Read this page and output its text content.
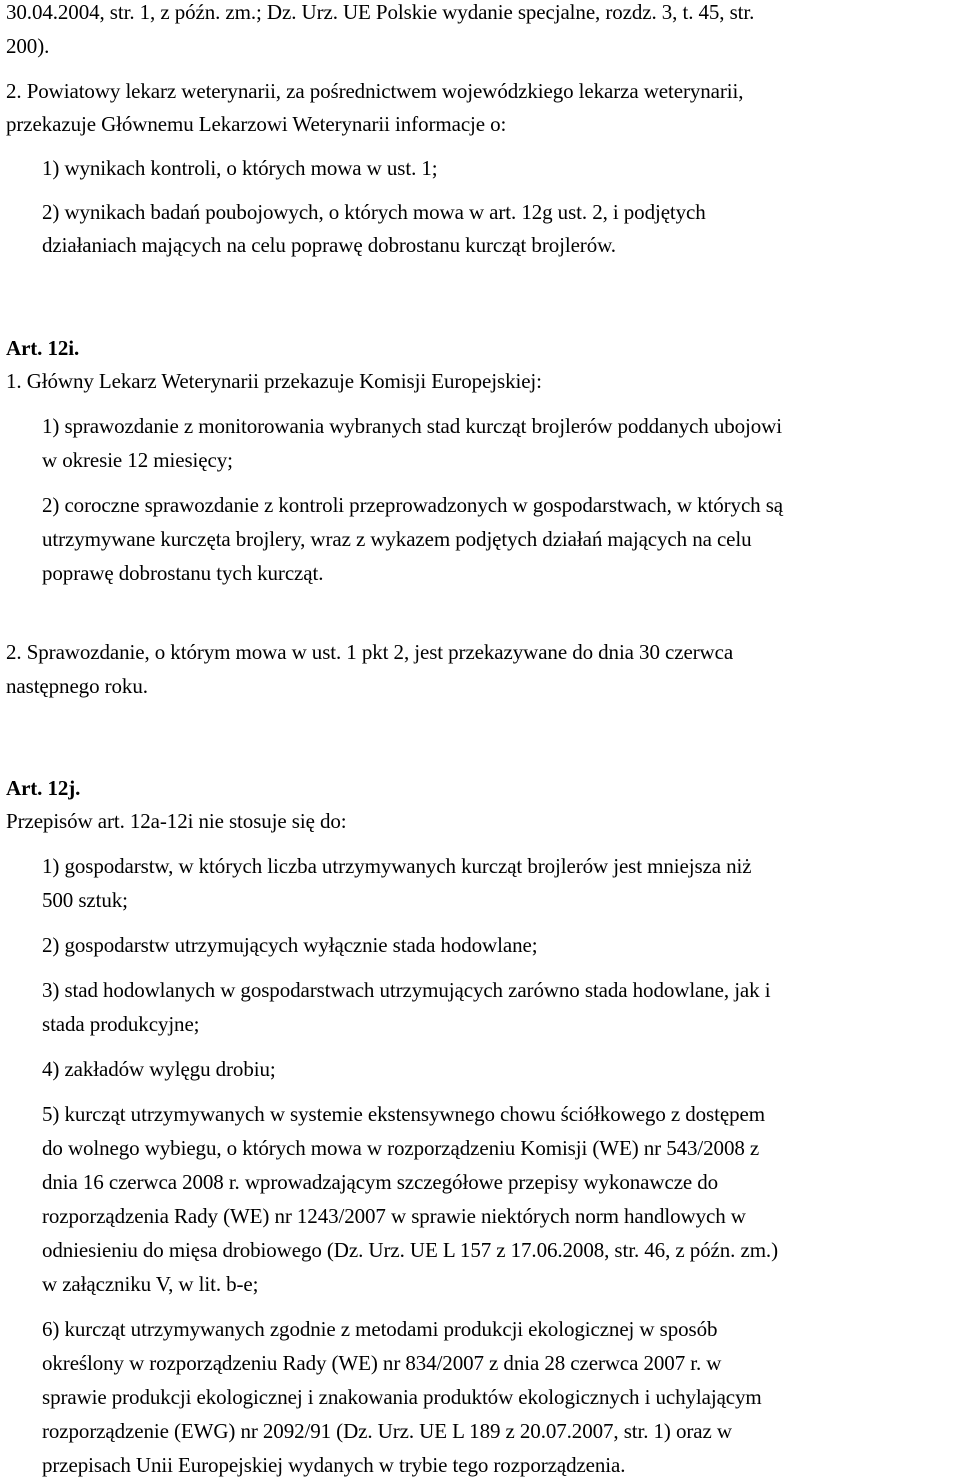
30.04.2004, str. 1, z późn. zm.; Dz. Urz. UE Polskie wydanie specjalne, rozdz. 3, t. 45, str.
200).
2. Powiatowy lekarz weterynarii, za pośrednictwem wojewódzkiego lekarza weterynarii,
przekazuje Głównemu Lekarzowi Weterynarii informacje o:
1) wynikach kontroli, o których mowa w ust. 1;
2) wynikach badań poubojowych, o których mowa w art. 12g ust. 2, i podjętych
działaniach mających na celu poprawę dobrostanu kurcząt brojlerów.
Art. 12i.
1. Główny Lekarz Weterynarii przekazuje Komisji Europejskiej:
1) sprawozdanie z monitorowania wybranych stad kurcząt brojlerów poddanych ubojowi
w okresie 12 miesięcy;
2) coroczne sprawozdanie z kontroli przeprowadzonych w gospodarstwach, w których są
utrzymywane kurczęta brojlery, wraz z wykazem podjętych działań mających na celu
poprawę dobrostanu tych kurcząt.
2. Sprawozdanie, o którym mowa w ust. 1 pkt 2, jest przekazywane do dnia 30 czerwca
następnego roku.
Art. 12j.
Przepisów art. 12a-12i nie stosuje się do:
1) gospodarstw, w których liczba utrzymywanych kurcząt brojlerów jest mniejsza niż
500 sztuk;
2) gospodarstw utrzymujących wyłącznie stada hodowlane;
3) stad hodowlanych w gospodarstwach utrzymujących zarówno stada hodowlane, jak i
stada produkcyjne;
4) zakładów wylęgu drobiu;
5) kurcząt utrzymywanych w systemie ekstensywnego chowu ściółkowego z dostępem
do wolnego wybiegu, o których mowa w rozporządzeniu Komisji (WE) nr 543/2008 z
dnia 16 czerwca 2008 r. wprowadzającym szczegółowe przepisy wykonawcze do
rozporządzenia Rady (WE) nr 1243/2007 w sprawie niektórych norm handlowych w
odniesieniu do mięsa drobiowego (Dz. Urz. UE L 157 z 17.06.2008, str. 46, z późn. zm.)
w załączniku V, w lit. b-e;
6) kurcząt utrzymywanych zgodnie z metodami produkcji ekologicznej w sposób
określony w rozporządzeniu Rady (WE) nr 834/2007 z dnia 28 czerwca 2007 r. w
sprawie produkcji ekologicznej i znakowania produktów ekologicznych i uchylającym
rozporządzenie (EWG) nr 2092/91 (Dz. Urz. UE L 189 z 20.07.2007, str. 1) oraz w
przepisach Unii Europejskiej wydanych w trybie tego rozporządzenia.
